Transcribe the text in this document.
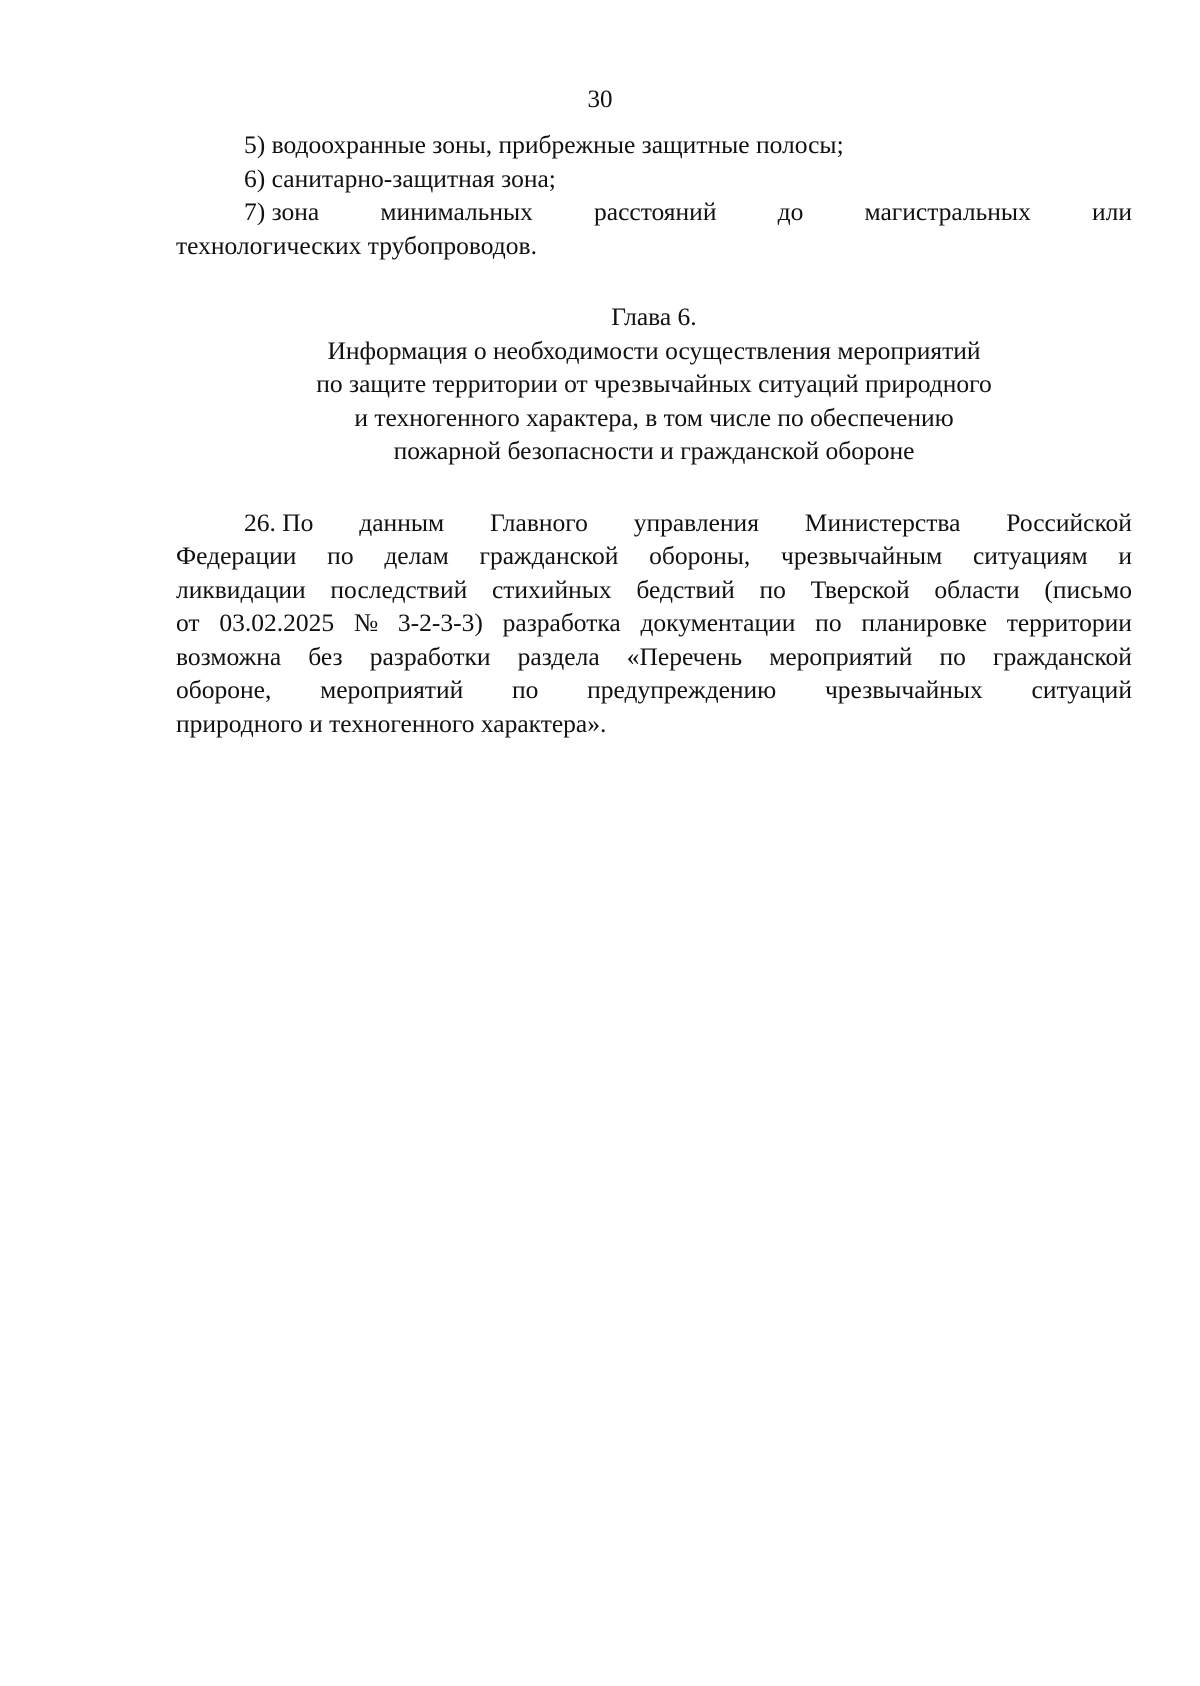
30
5) водоохранные зоны, прибрежные защитные полосы;
6) санитарно-защитная зона;
7) зона минимальных расстояний до магистральных или
технологических трубопроводов.
Глава 6.
Информация о необходимости осуществления мероприятий
по защите территории от чрезвычайных ситуаций природного
и техногенного характера, в том числе по обеспечению
пожарной безопасности и гражданской обороне
26. По данным Главного управления Министерства Российской
Федерации по делам гражданской обороны, чрезвычайным ситуациям и
ликвидации последствий стихийных бедствий по Тверской области (письмо
от 03.02.2025 № 3-2-3-3) разработка документации по планировке территории
возможна без разработки раздела «Перечень мероприятий по гражданской
обороне, мероприятий по предупреждению чрезвычайных ситуаций
природного и техногенного характера».
